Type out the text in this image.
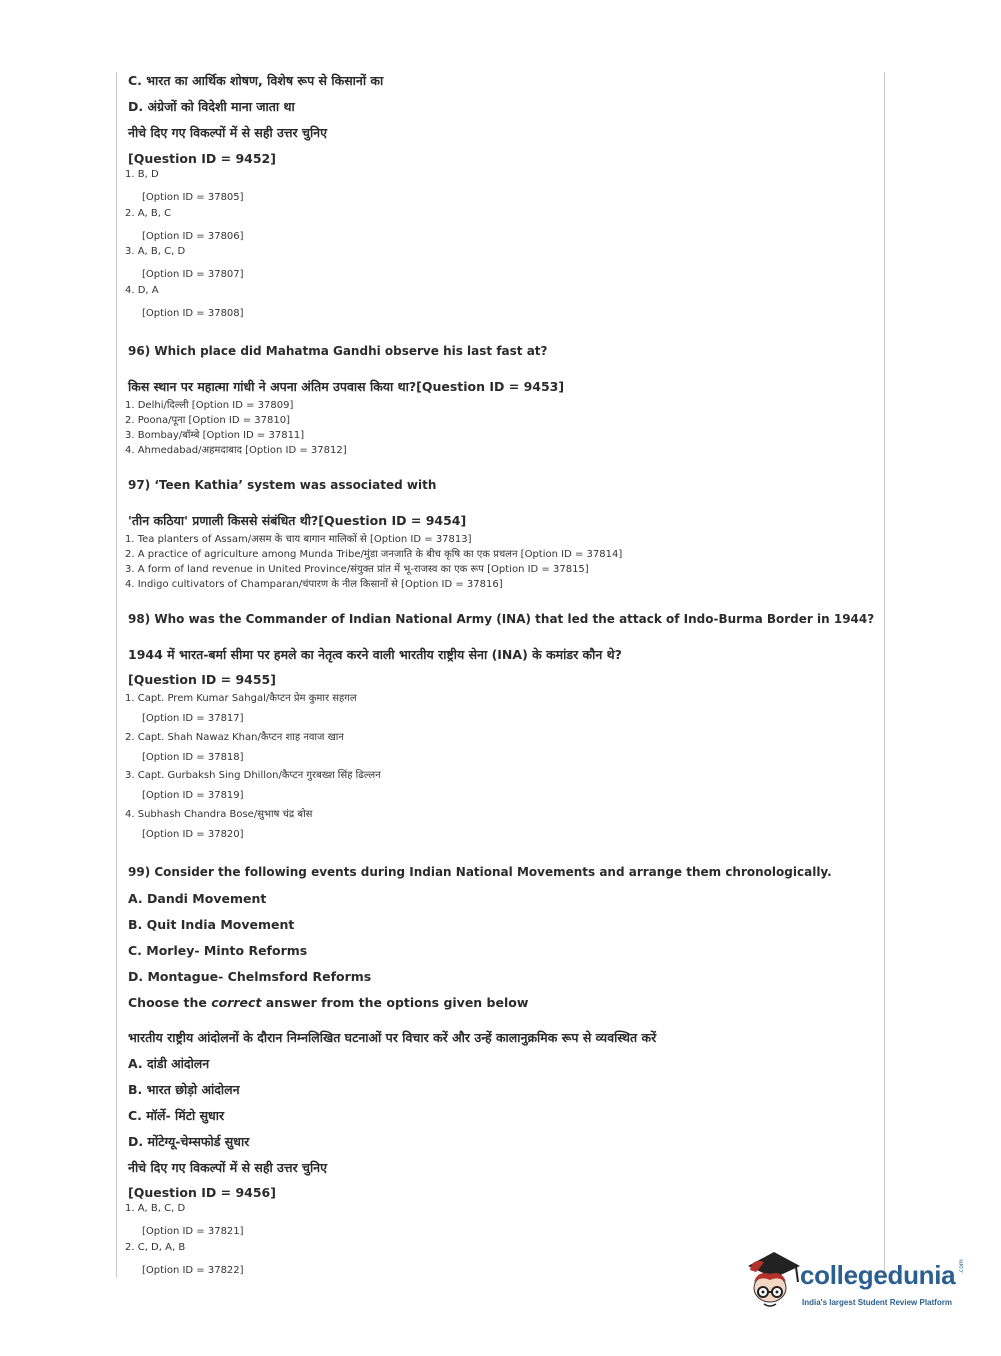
C. भारत का आर्थिक शोषण, विशेष रूप से किसानों का
D. अंग्रेजों को विदेशी माना जाता था
नीचे दिए गए विकल्पों में से सही उत्तर चुनिए
[Question ID = 9452]
1. B, D
[Option ID = 37805]
2. A, B, C
[Option ID = 37806]
3. A, B, C, D
[Option ID = 37807]
4. D, A
[Option ID = 37808]
96) Which place did Mahatma Gandhi observe his last fast at?
किस स्थान पर महात्मा गांधी ने अपना अंतिम उपवास किया था?[Question ID = 9453]
1. Delhi/दिल्ली [Option ID = 37809]
2. Poona/पूना [Option ID = 37810]
3. Bombay/बॉम्बे [Option ID = 37811]
4. Ahmedabad/अहमदाबाद [Option ID = 37812]
97) ‘Teen Kathia’ system was associated with
'तीन कठिया' प्रणाली किससे संबंधित थी?[Question ID = 9454]
1. Tea planters of Assam/असम के चाय बागान मालिकों से [Option ID = 37813]
2. A practice of agriculture among Munda Tribe/मुंडा जनजाति के बीच कृषि का एक प्रचलन [Option ID = 37814]
3. A form of land revenue in United Province/संयुक्त प्रांत में भू-राजस्व का एक रूप [Option ID = 37815]
4. Indigo cultivators of Champaran/चंपारण के नील किसानों से [Option ID = 37816]
98) Who was the Commander of Indian National Army (INA) that led the attack of Indo-Burma Border in 1944?
1944 में भारत-बर्मा सीमा पर हमले का नेतृत्व करने वाली भारतीय राष्ट्रीय सेना (INA) के कमांडर कौन थे?
[Question ID = 9455]
1. Capt. Prem Kumar Sahgal/कैप्टन प्रेम कुमार सहगल
[Option ID = 37817]
2. Capt. Shah Nawaz Khan/कैप्टन शाह नवाज खान
[Option ID = 37818]
3. Capt. Gurbaksh Sing Dhillon/कैप्टन गुरबख्श सिंह ढिल्लन
[Option ID = 37819]
4. Subhash Chandra Bose/सुभाष चंद्र बोस
[Option ID = 37820]
99) Consider the following events during Indian National Movements and arrange them chronologically.
A. Dandi Movement
B. Quit India Movement
C. Morley- Minto Reforms
D. Montague- Chelmsford Reforms
Choose the correct answer from the options given below
भारतीय राष्ट्रीय आंदोलनों के दौरान निम्नलिखित घटनाओं पर विचार करें और उन्हें कालानुक्रमिक रूप से व्यवस्थित करें
A. दांडी आंदोलन
B. भारत छोड़ो आंदोलन
C. मॉर्ले- मिंटो सुधार
D. मोंटेग्यू-चेम्सफोर्ड सुधार
नीचे दिए गए विकल्पों में से सही उत्तर चुनिए
[Question ID = 9456]
1. A, B, C, D
[Option ID = 37821]
2. C, D, A, B
[Option ID = 37822]	collegedunia .com
India's largest Student Review Platform
